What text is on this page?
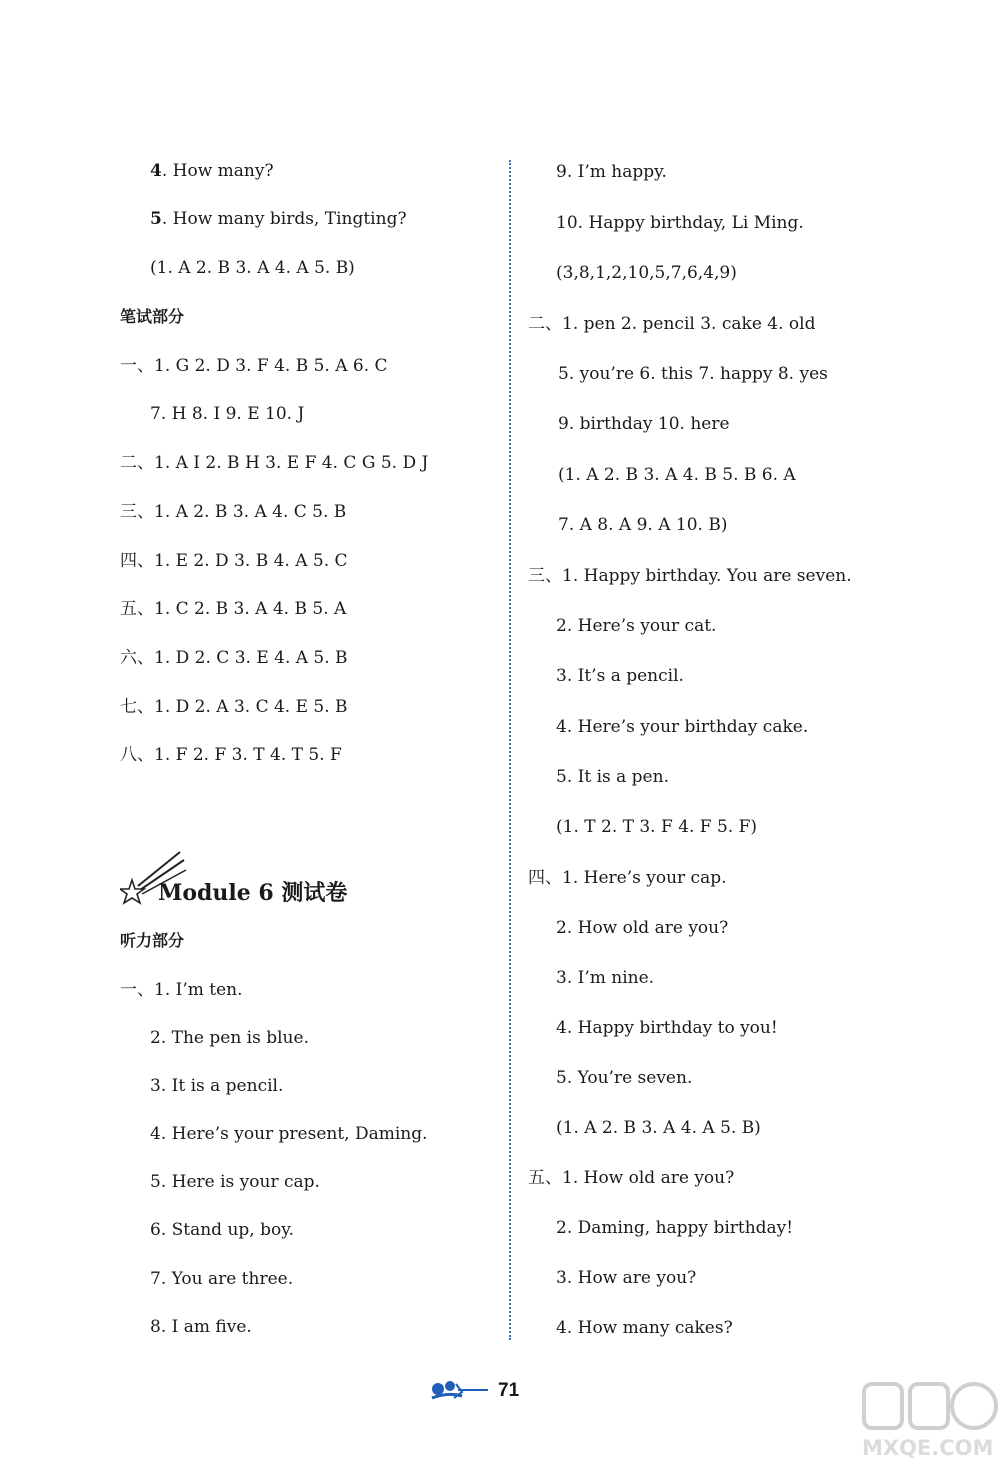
4. How many?
5. How many birds, Tingting?
(1. A 2. B 3. A 4. A 5. B)
笔试部分
一、1. G 2. D 3. F 4. B 5. A 6. C
7. H 8. I 9. E 10. J
二、1. A I 2. B H 3. E F 4. C G 5. D J
三、1. A 2. B 3. A 4. C 5. B
四、1. E 2. D 3. B 4. A 5. C
五、1. C 2. B 3. A 4. B 5. A
六、1. D 2. C 3. E 4. A 5. B
七、1. D 2. A 3. C 4. E 5. B
八、1. F 2. F 3. T 4. T 5. F
Module 6 测试卷
听力部分
一、1. I’m ten.
2. The pen is blue.
3. It is a pencil.
4. Here’s your present, Daming.
5. Here is your cap.
6. Stand up, boy.
7. You are three.
8. I am five.
9. I’m happy.
10. Happy birthday, Li Ming.
(3,8,1,2,10,5,7,6,4,9)
二、1. pen 2. pencil 3. cake 4. old
5. you’re 6. this 7. happy 8. yes
9. birthday 10. here
(1. A 2. B 3. A 4. B 5. B 6. A
7. A 8. A 9. A 10. B)
三、1. Happy birthday. You are seven.
2. Here’s your cat.
3. It’s a pencil.
4. Here’s your birthday cake.
5. It is a pen.
(1. T 2. T 3. F 4. F 5. F)
四、1. Here’s your cap.
2. How old are you?
3. I’m nine.
4. Happy birthday to you!
5. You’re seven.
(1. A 2. B 3. A 4. A 5. B)
五、1. How old are you?
2. Daming, happy birthday!
3. How are you?
4. How many cakes?
71
MXQE.COM
